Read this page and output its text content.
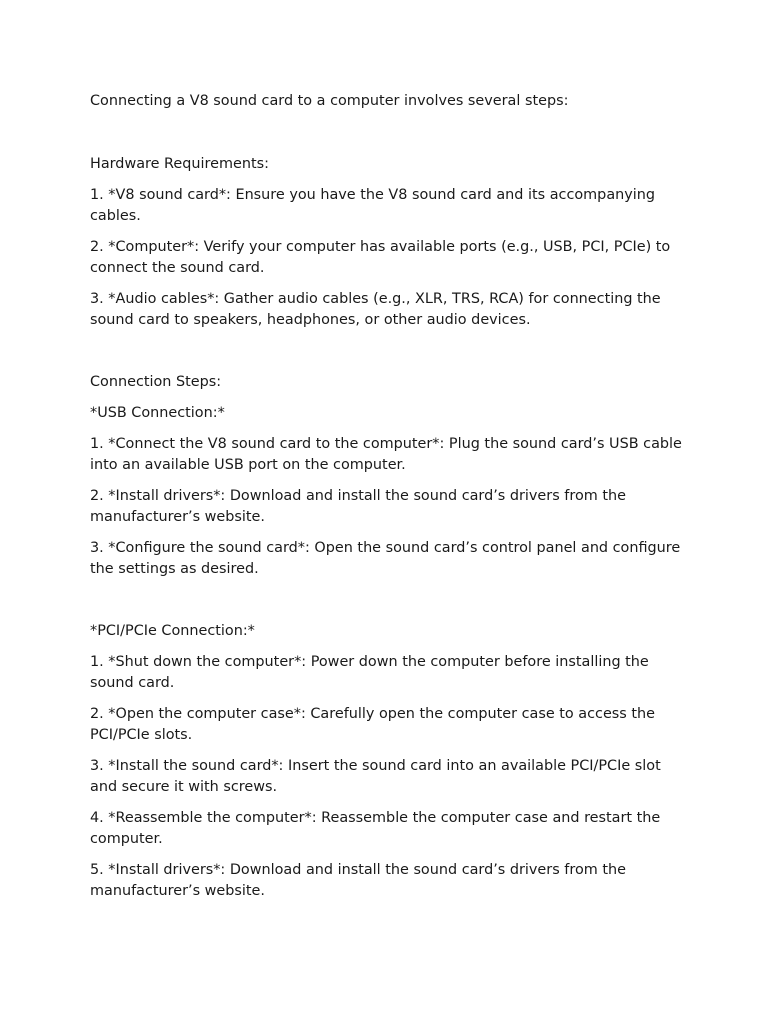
Connecting a V8 sound card to a computer involves several steps:

Hardware Requirements:

1. *V8 sound card*: Ensure you have the V8 sound card and its accompanying cables.

2. *Computer*: Verify your computer has available ports (e.g., USB, PCI, PCIe) to connect the sound card.

3. *Audio cables*: Gather audio cables (e.g., XLR, TRS, RCA) for connecting the sound card to speakers, headphones, or other audio devices.

Connection Steps:

*USB Connection:*

1. *Connect the V8 sound card to the computer*: Plug the sound card’s USB cable into an available USB port on the computer.

2. *Install drivers*: Download and install the sound card’s drivers from the manufacturer’s website.

3. *Configure the sound card*: Open the sound card’s control panel and configure the settings as desired.

*PCI/PCIe Connection:*

1. *Shut down the computer*: Power down the computer before installing the sound card.

2. *Open the computer case*: Carefully open the computer case to access the PCI/PCIe slots.

3. *Install the sound card*: Insert the sound card into an available PCI/PCIe slot and secure it with screws.

4. *Reassemble the computer*: Reassemble the computer case and restart the computer.

5. *Install drivers*: Download and install the sound card’s drivers from the manufacturer’s website.
